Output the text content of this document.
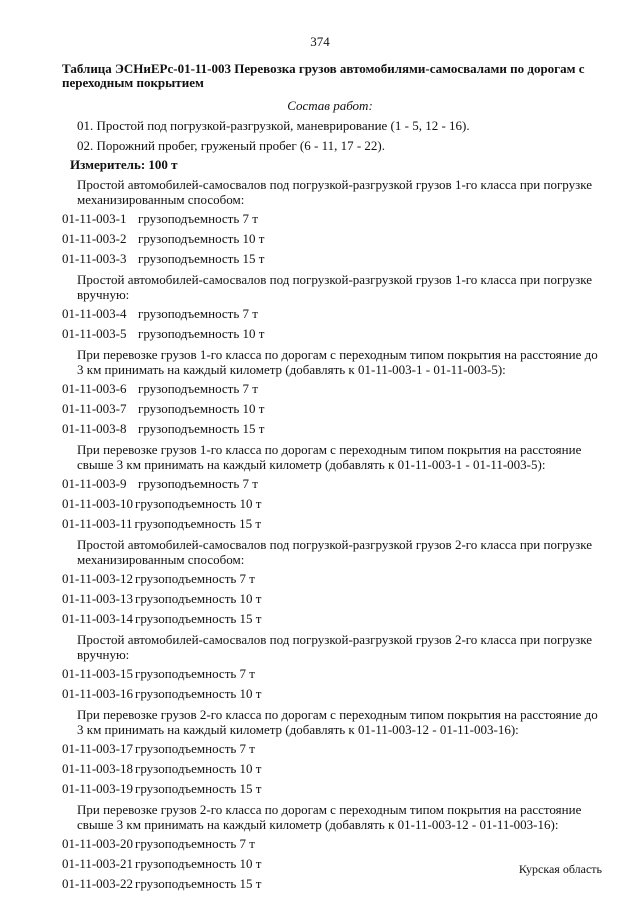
374
Таблица ЭСНиЕРс-01-11-003 Перевозка грузов автомобилями-самосвалами по дорогам с переходным покрытием
Состав работ:
01. Простой под погрузкой-разгрузкой, маневрирование (1 - 5, 12 - 16).
02. Порожний пробег, груженый пробег (6 - 11, 17 - 22).
Измеритель: 100 т
Простой автомобилей-самосвалов под погрузкой-разгрузкой грузов 1-го класса при погрузке механизированным способом:
01-11-003-1 грузоподъемность 7 т
01-11-003-2 грузоподъемность 10 т
01-11-003-3 грузоподъемность 15 т
Простой автомобилей-самосвалов под погрузкой-разгрузкой грузов 1-го класса при погрузке вручную:
01-11-003-4 грузоподъемность 7 т
01-11-003-5 грузоподъемность 10 т
При перевозке грузов 1-го класса по дорогам с переходным типом покрытия на расстояние до 3 км принимать на каждый километр (добавлять к 01-11-003-1 - 01-11-003-5):
01-11-003-6 грузоподъемность 7 т
01-11-003-7 грузоподъемность 10 т
01-11-003-8 грузоподъемность 15 т
При перевозке грузов 1-го класса по дорогам с переходным типом покрытия на расстояние свыше 3 км принимать на каждый километр (добавлять к 01-11-003-1 - 01-11-003-5):
01-11-003-9 грузоподъемность 7 т
01-11-003-10 грузоподъемность 10 т
01-11-003-11 грузоподъемность 15 т
Простой автомобилей-самосвалов под погрузкой-разгрузкой грузов 2-го класса при погрузке механизированным способом:
01-11-003-12 грузоподъемность 7 т
01-11-003-13 грузоподъемность 10 т
01-11-003-14 грузоподъемность 15 т
Простой автомобилей-самосвалов под погрузкой-разгрузкой грузов 2-го класса при погрузке вручную:
01-11-003-15 грузоподъемность 7 т
01-11-003-16 грузоподъемность 10 т
При перевозке грузов 2-го класса по дорогам с переходным типом покрытия на расстояние до 3 км принимать на каждый километр (добавлять к 01-11-003-12 - 01-11-003-16):
01-11-003-17 грузоподъемность 7 т
01-11-003-18 грузоподъемность 10 т
01-11-003-19 грузоподъемность 15 т
При перевозке грузов 2-го класса по дорогам с переходным типом покрытия на расстояние свыше 3 км принимать на каждый километр (добавлять к 01-11-003-12 - 01-11-003-16):
01-11-003-20 грузоподъемность 7 т
01-11-003-21 грузоподъемность 10 т
01-11-003-22 грузоподъемность 15 т
Курская область
